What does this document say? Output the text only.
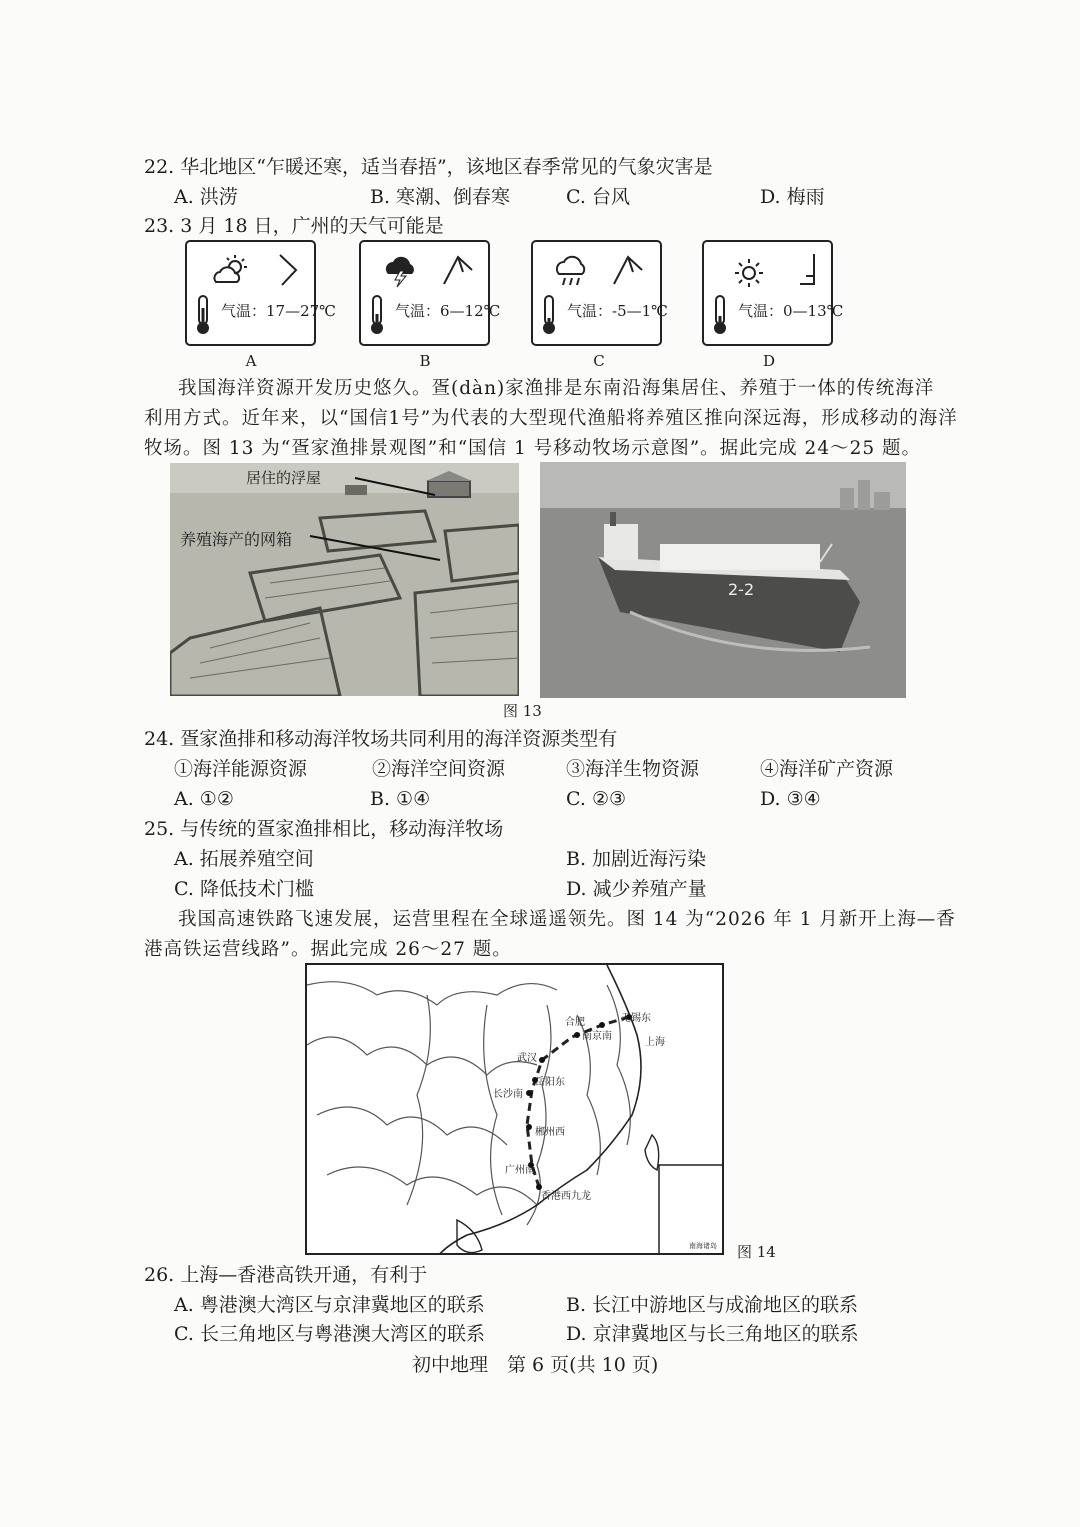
22. 华北地区“乍暖还寒，适当春捂”，该地区春季常见的气象灾害是
A. 洪涝	B. 寒潮、倒春寒	C. 台风	D. 梅雨
23. 3 月 18 日，广州的天气可能是
气温：17—27℃
A
气温：6—12℃
B
气温：-5—1℃
C
气温：0—13℃
D
我国海洋资源开发历史悠久。疍(dàn)家渔排是东南沿海集居住、养殖于一体的传统海洋
利用方式。近年来，以“国信1号”为代表的大型现代渔船将养殖区推向深远海，形成移动的海洋
牧场。图 13 为“疍家渔排景观图”和“国信 1 号移动牧场示意图”。据此完成 24～25 题。
居住的浮屋
养殖海产的网箱
2-2
图 13
24. 疍家渔排和移动海洋牧场共同利用的海洋资源类型有
①海洋能源资源	②海洋空间资源	③海洋生物资源	④海洋矿产资源
A. ①②	B. ①④	C. ②③	D. ③④
25. 与传统的疍家渔排相比，移动海洋牧场
A. 拓展养殖空间	B. 加剧近海污染
C. 降低技术门槛	D. 减少养殖产量
我国高速铁路飞速发展，运营里程在全球遥遥领先。图 14 为“2026 年 1 月新开上海—香
港高铁运营线路”。据此完成 26～27 题。
合肥	无锡东
南京南
上海
武汉
岳阳东
长沙南
郴州西
广州南
香港西九龙
南海诸岛 图 14
26. 上海—香港高铁开通，有利于
A. 粤港澳大湾区与京津冀地区的联系	B. 长江中游地区与成渝地区的联系
C. 长三角地区与粤港澳大湾区的联系	D. 京津冀地区与长三角地区的联系
初中地理　第 6 页(共 10 页)
